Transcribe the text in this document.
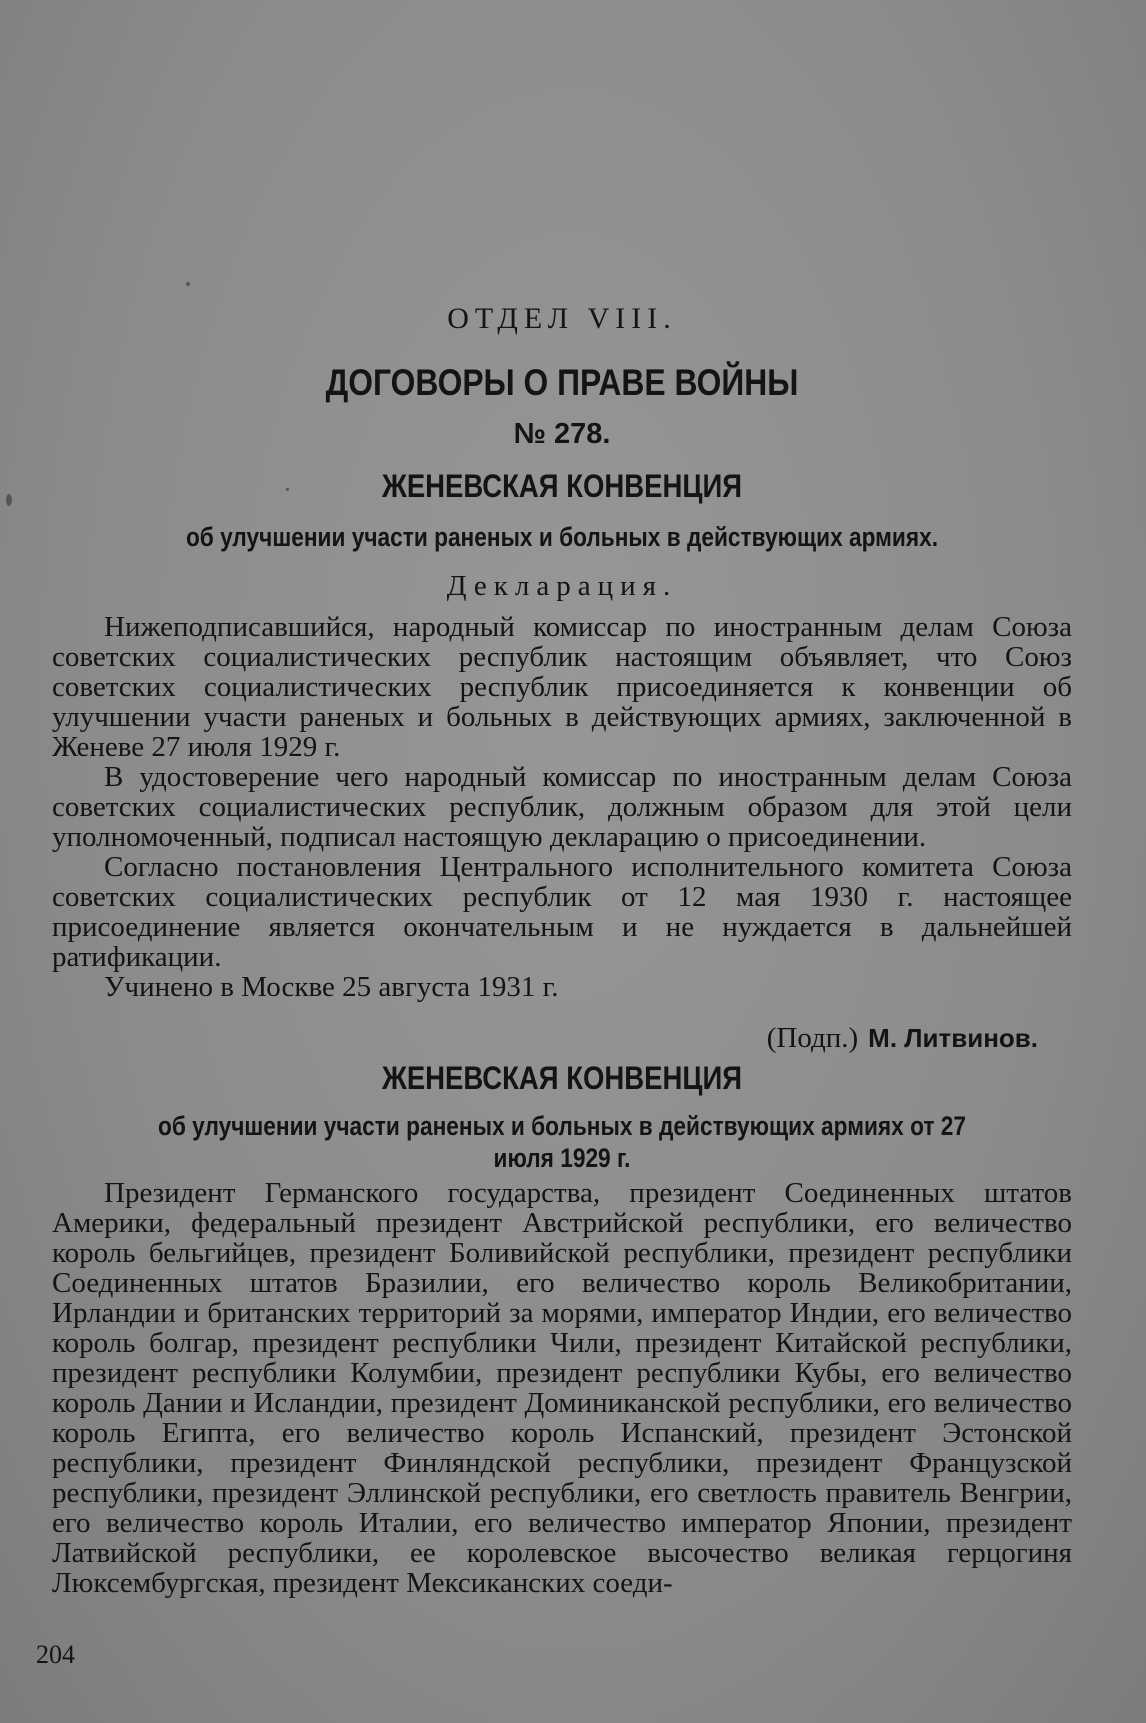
ОТДЕЛ VIII.
ДОГОВОРЫ О ПРАВЕ ВОЙНЫ
№ 278.
ЖЕНЕВСКАЯ КОНВЕНЦИЯ
об улучшении участи раненых и больных в действующих армиях.
Декларация.

Нижеподписавшийся, народный комиссар по иностранным делам Союза советских социалистических республик настоящим объявляет, что Союз советских социалистических республик присоединяется к конвенции об улучшении участи раненых и больных в действующих армиях, заключенной в Женеве 27 июля 1929 г.

В удостоверение чего народный комиссар по иностранным делам Союза советских социалистических республик, должным образом для этой цели уполномоченный, подписал настоящую декларацию о присоединении.

Согласно постановления Центрального исполнительного комитета Союза советских социалистических республик от 12 мая 1930 г. настоящее присоединение является окончательным и не нуждается в дальнейшей ратификации.

Учинено в Москве 25 августа 1931 г.

(Подп.) М. Литвинов.
ЖЕНЕВСКАЯ КОНВЕНЦИЯ
об улучшении участи раненых и больных в действующих армиях от 27 июля 1929 г.

Президент Германского государства, президент Соединенных штатов Америки, федеральный президент Австрийской республики, его величество король бельгийцев, президент Боливийской республики, президент республики Соединенных штатов Бразилии, его величество король Великобритании, Ирландии и британских территорий за морями, император Индии, его величество король болгар, президент республики Чили, президент Китайской республики, президент республики Колумбии, президент республики Кубы, его величество король Дании и Исландии, президент Доминиканской республики, его величество король Египта, его величество король Испанский, президент Эстонской республики, президент Финляндской республики, президент Французской республики, президент Эллинской республики, его светлость правитель Венгрии, его величество король Италии, его величество император Японии, президент Латвийской республики, ее королевское высочество великая герцогиня Люксембургская, президент Мексиканских соеди-

204
